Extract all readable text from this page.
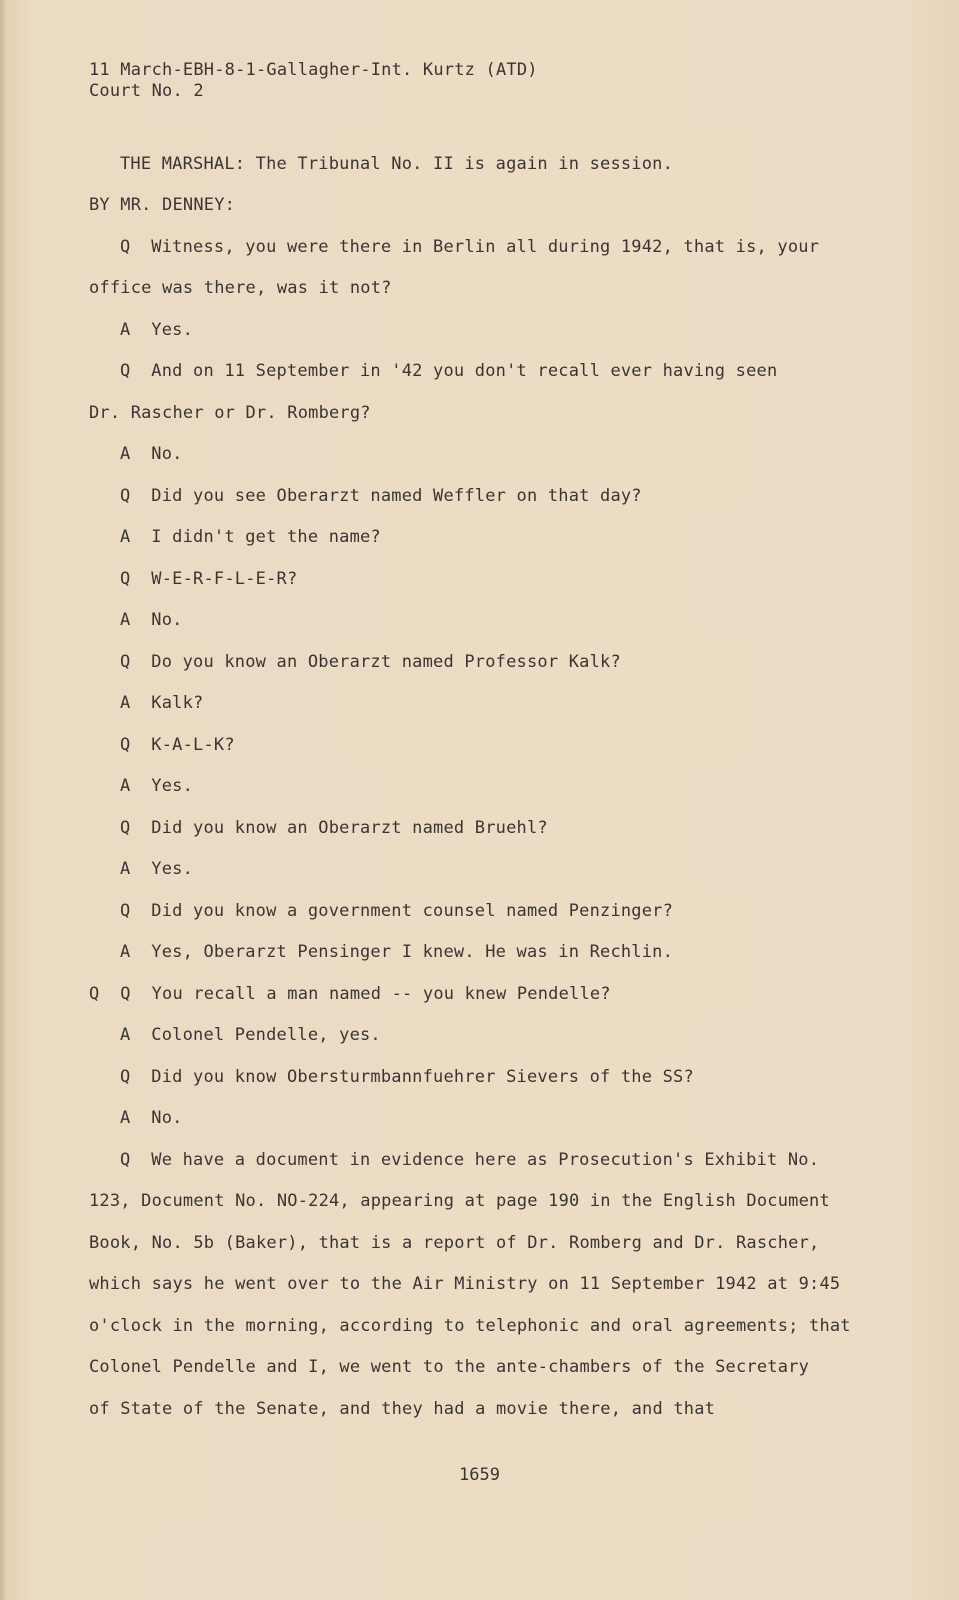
11 March-EBH-8-1-Gallagher-Int. Kurtz (ATD)
Court No. 2
THE MARSHAL: The Tribunal No. II is again in session.
BY MR. DENNEY:
Q  Witness, you were there in Berlin all during 1942, that is, your
office was there, was it not?
A  Yes.
Q  And on 11 September in '42 you don't recall ever having seen
Dr. Rascher or Dr. Romberg?
A  No.
Q  Did you see Oberarzt named Weffler on that day?
A  I didn't get the name?
Q  W-E-R-F-L-E-R?
A  No.
Q  Do you know an Oberarzt named Professor Kalk?
A  Kalk?
Q  K-A-L-K?
A  Yes.
Q  Did you know an Oberarzt named Bruehl?
A  Yes.
Q  Did you know a government counsel named Penzinger?
A  Yes, Oberarzt Pensinger I knew. He was in Rechlin.
Q  Q  You recall a man named -- you knew Pendelle?
A  Colonel Pendelle, yes.
Q  Did you know Obersturmbannfuehrer Sievers of the SS?
A  No.
Q  We have a document in evidence here as Prosecution's Exhibit No.
123, Document No. NO-224, appearing at page 190 in the English Document
Book, No. 5b (Baker), that is a report of Dr. Romberg and Dr. Rascher,
which says he went over to the Air Ministry on 11 September 1942 at 9:45
o'clock in the morning, according to telephonic and oral agreements; that
Colonel Pendelle and I, we went to the ante-chambers of the Secretary
of State of the Senate, and they had a movie there, and that
1659
